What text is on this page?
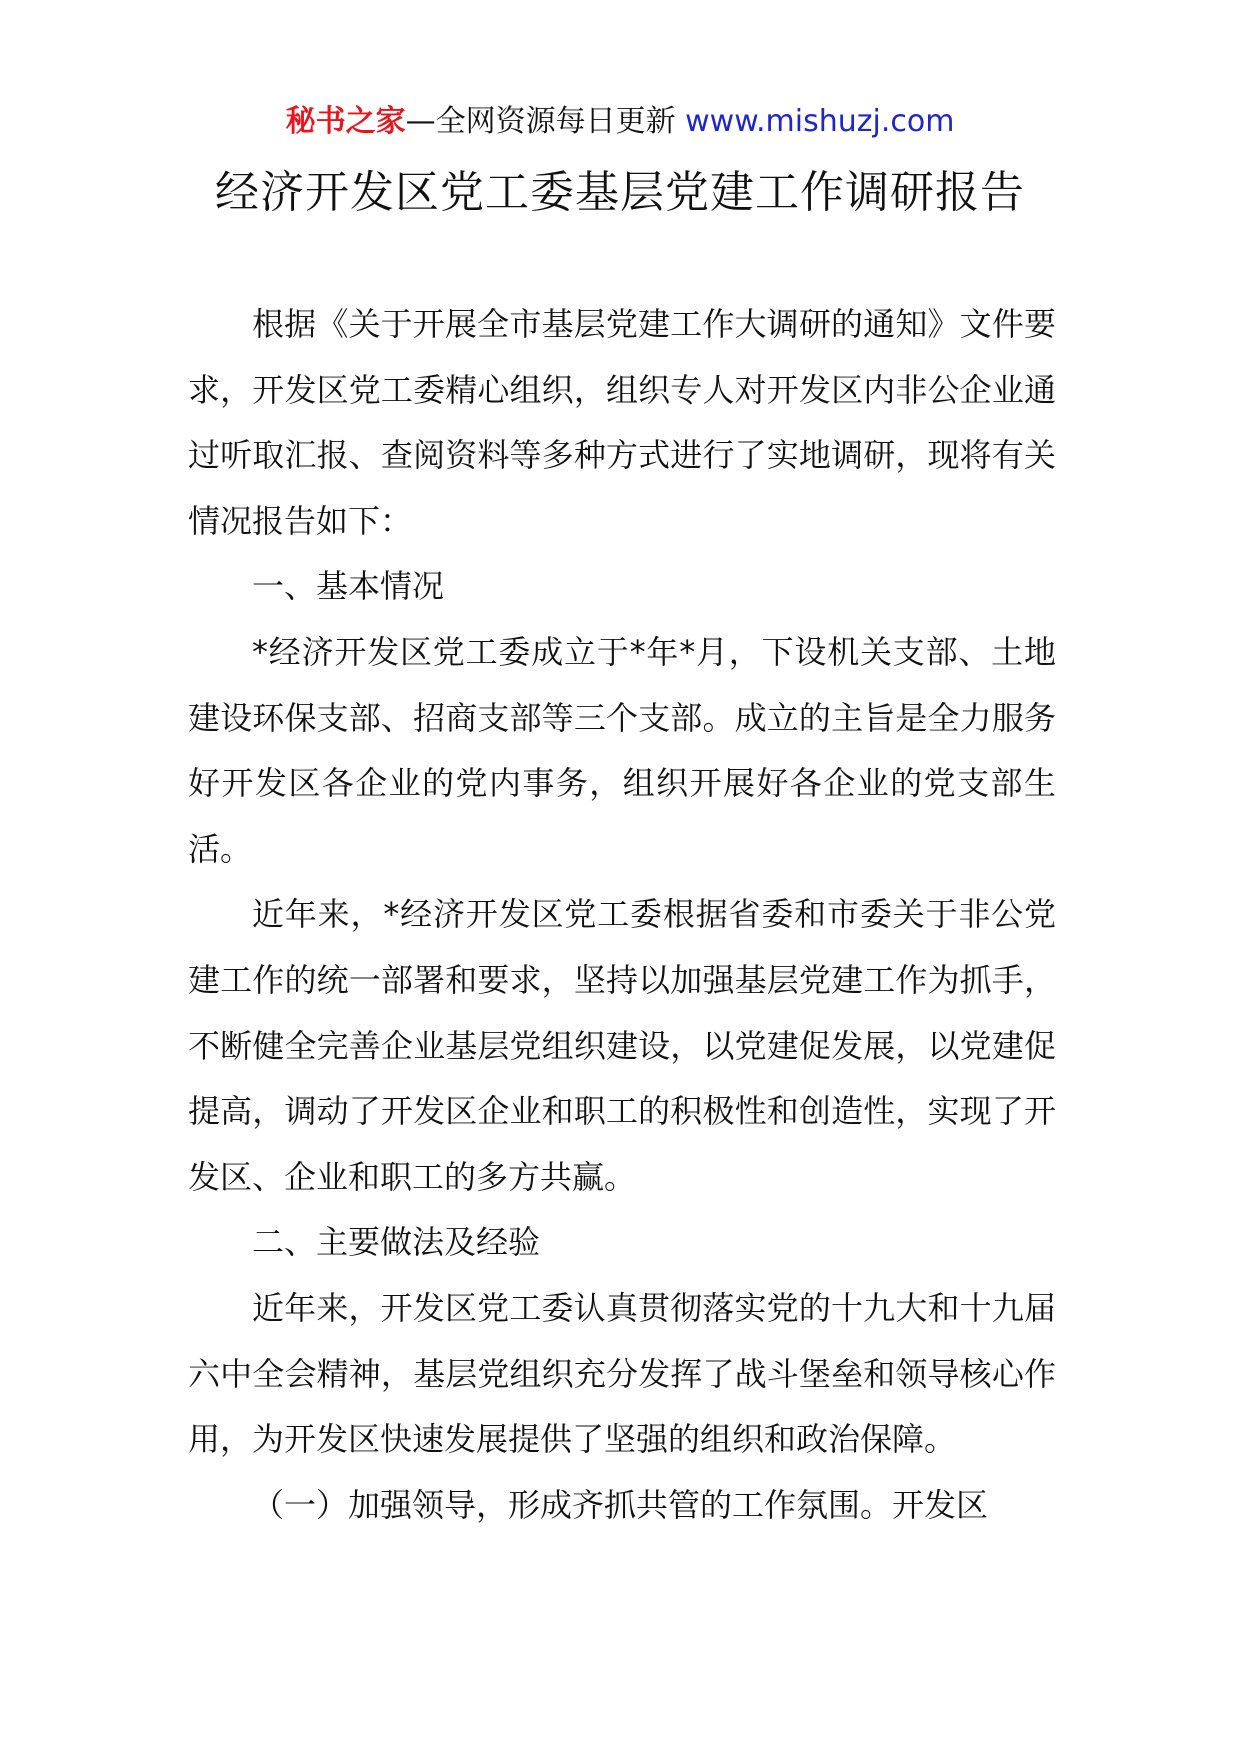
秘书之家—全网资源每日更新 www.mishuzj.com
经济开发区党工委基层党建工作调研报告

根据《关于开展全市基层党建工作大调研的通知》文件要求，开发区党工委精心组织，组织专人对开发区内非公企业通过听取汇报、查阅资料等多种方式进行了实地调研，现将有关情况报告如下：

一、基本情况

*经济开发区党工委成立于*年*月，下设机关支部、土地建设环保支部、招商支部等三个支部。成立的主旨是全力服务好开发区各企业的党内事务，组织开展好各企业的党支部生活。

近年来，*经济开发区党工委根据省委和市委关于非公党建工作的统一部署和要求，坚持以加强基层党建工作为抓手，不断健全完善企业基层党组织建设，以党建促发展，以党建促提高，调动了开发区企业和职工的积极性和创造性，实现了开发区、企业和职工的多方共赢。

二、主要做法及经验

近年来，开发区党工委认真贯彻落实党的十九大和十九届六中全会精神，基层党组织充分发挥了战斗堡垒和领导核心作用，为开发区快速发展提供了坚强的组织和政治保障。

（一）加强领导，形成齐抓共管的工作氛围。开发区
